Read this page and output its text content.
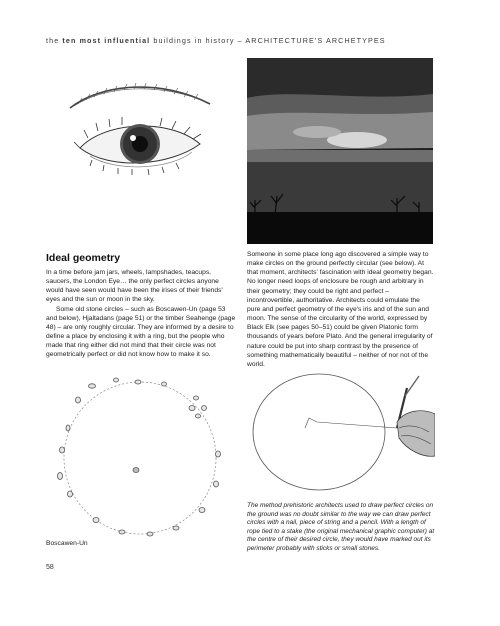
the ten most influential buildings in history – ARCHITECTURE'S ARCHETYPES
Ideal geometry

In a time before jam jars, wheels, lampshades, teacups, saucers, the London Eye… the only perfect circles anyone would have seen would have been the irises of their friends' eyes and the sun or moon in the sky.

Some old stone circles – such as Boscawen-Un (page 53 and below), Hjaltadans (page 51) or the timber Seahenge (page 48) – are only roughly circular. They are informed by a desire to define a place by enclosing it with a ring, but the people who made that ring either did not mind that their circle was not geometrically perfect or did not know how to make it so.

Someone in some place long ago discovered a simple way to make circles on the ground perfectly circular (see below). At that moment, architects' fascination with ideal geometry began. No longer need loops of enclosure be rough and arbitrary in their geometry; they could be right and perfect – incontrovertible, authoritative. Architects could emulate the pure and perfect geometry of the eye's iris and of the sun and moon. The sense of the circularity of the world, expressed by Black Elk (see pages 50–51) could be given Platonic form thousands of years before Plato. And the general irregularity of nature could be put into sharp contrast by the presence of something mathematically beautiful – neither of nor not of the world.

Boscawen-Un
The method prehistoric architects used to draw perfect circles on the ground was no doubt similar to the way we can draw perfect circles with a nail, piece of string and a pencil. With a length of rope tied to a stake (the original mechanical graphic computer) at the centre of their desired circle, they would have marked out its perimeter probably with sticks or small stones.
58
